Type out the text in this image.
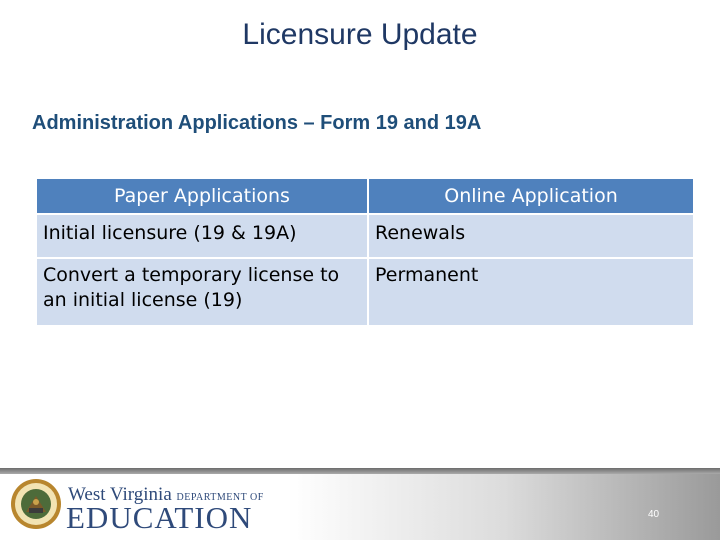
Licensure Update
Administration Applications – Form 19 and 19A
Paper Applications	Online Application
Initial licensure (19 & 19A)	Renewals
Convert a temporary license to an initial license (19)	Permanent
West Virginia DEPARTMENT OF
EDUCATION	40
